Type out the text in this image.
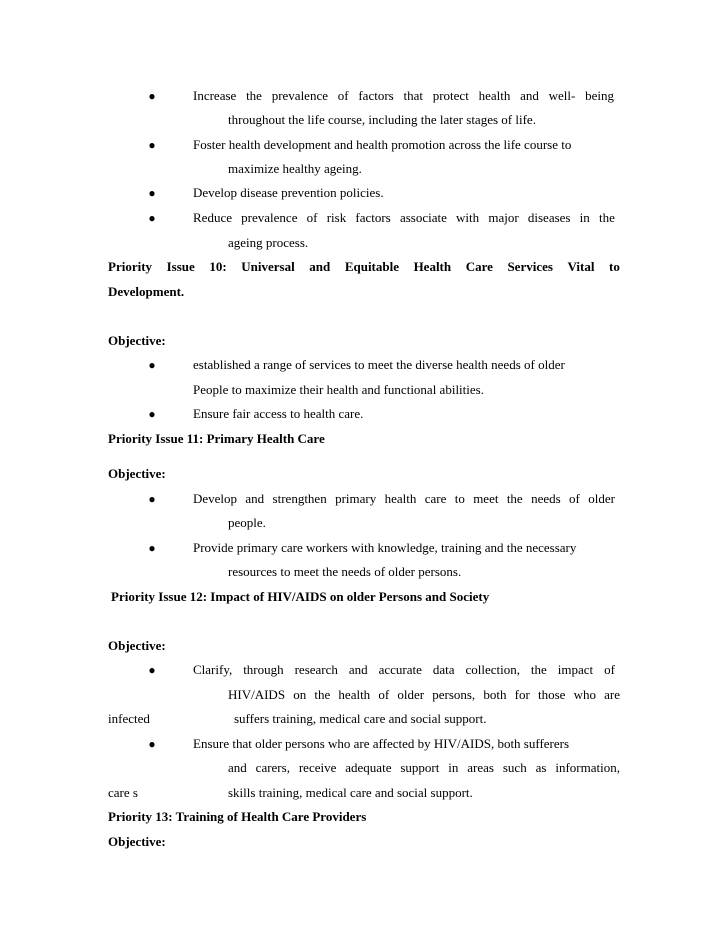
●	Increase the prevalence of factors that protect health and well- being
throughout the life course, including the later stages of life.
●	Foster health development and health promotion across the life course to
maximize healthy ageing.
●	Develop disease prevention policies.
●	Reduce prevalence of risk factors associate with major diseases in the
ageing process.
Priority Issue 10: Universal and Equitable Health Care Services Vital to
Development.
Objective:
●	established a range of services to meet the diverse health needs of older
People to maximize their health and functional abilities.
●	Ensure fair access to health care.
Priority Issue 11: Primary Health Care
Objective:
●	Develop and strengthen primary health care to meet the needs of older
people.
●	Provide primary care workers with knowledge, training and the necessary
resources to meet the needs of older persons.
Priority Issue 12: Impact of HIV/AIDS on older Persons and Society
Objective:
●	Clarify, through research and accurate data collection, the impact of
HIV/AIDS on the health of older persons, both for those who are
infected	suffers training, medical care and social support.
●	Ensure that older persons who are affected by HIV/AIDS, both sufferers
and carers, receive adequate support in areas such as information,
care s	skills training, medical care and social support.
Priority 13: Training of Health Care Providers
Objective:
